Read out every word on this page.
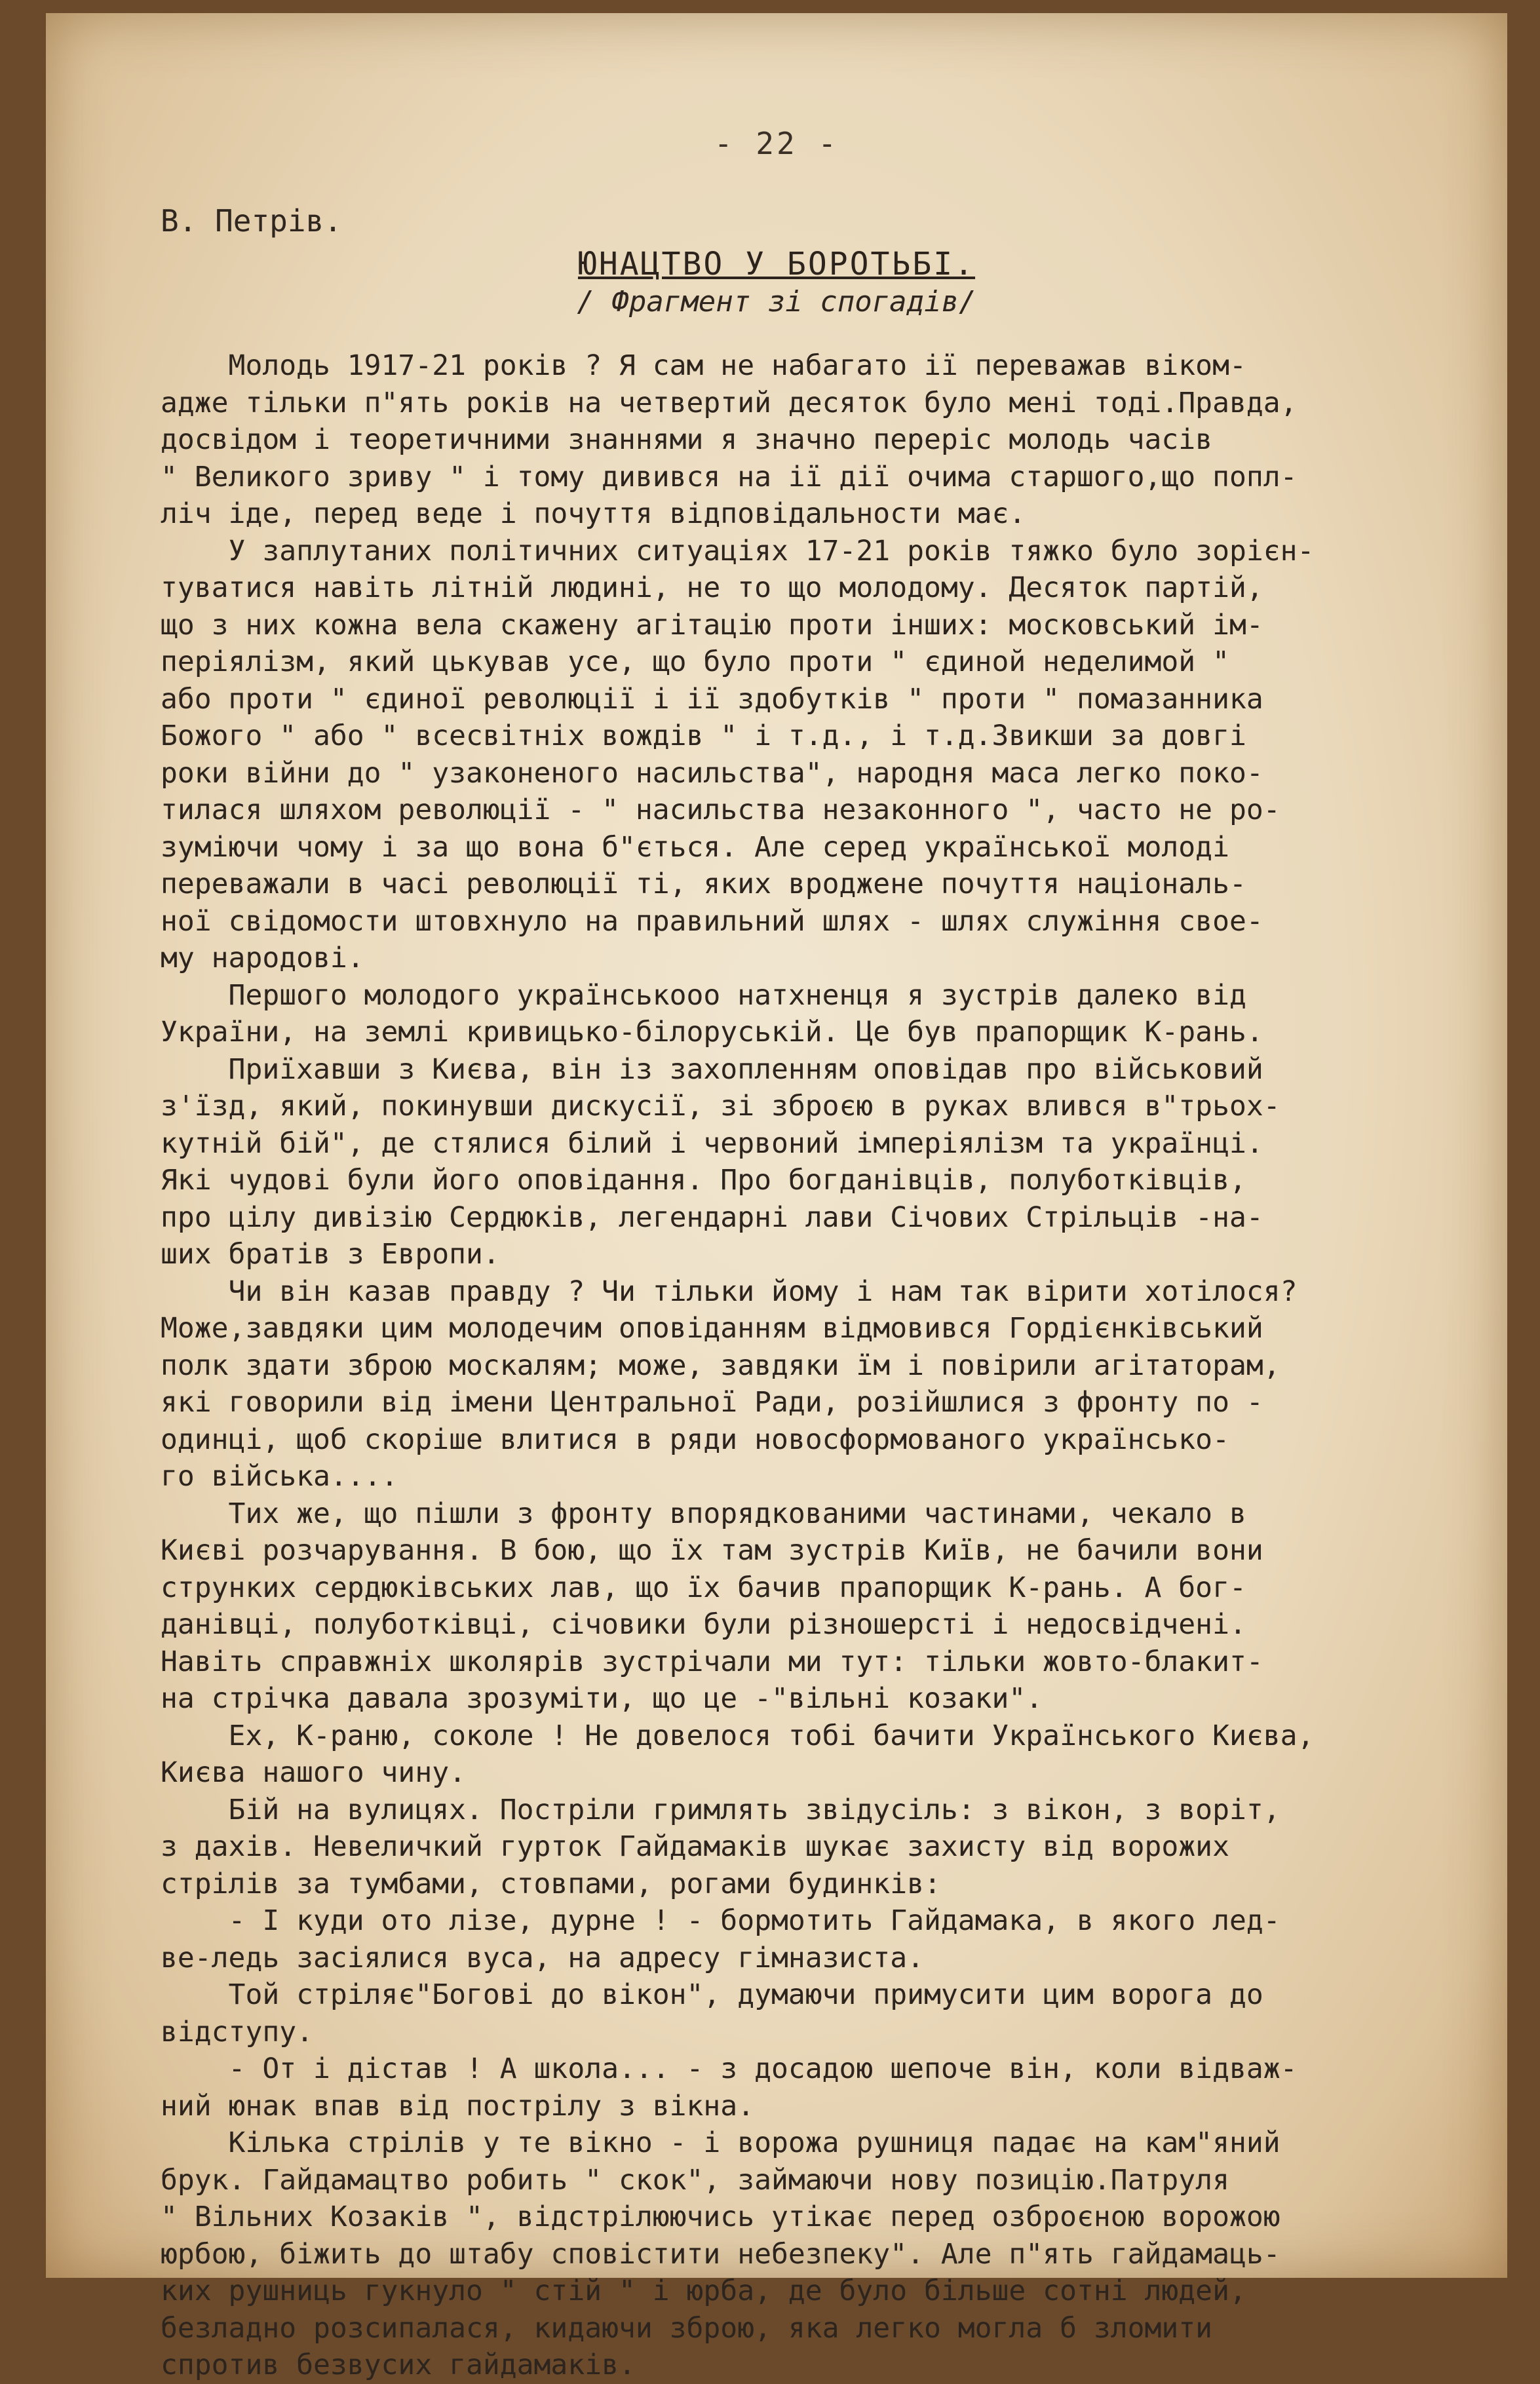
- 22 -
В. Петрів.
ЮНАЦТВО У БОРОТЬБІ.
/ Фрагмент зі спогадів/
Молодь 1917-21 років ? Я сам не набагато ії переважав віком-
адже тільки п"ять років на четвертий десяток було мені тоді.Правда,
досвідом і теоретичними знаннями я значно переріс молодь часів
" Великого зриву " і тому дивився на ії дії очима старшого,що попл-
ліч іде, перед веде і почуття відповідальности має.
У заплутаних політичних ситуаціях 17-21 років тяжко було зорієн-
туватися навіть літній людині, не то що молодому. Десяток партій,
що з них кожна вела скажену агітацію проти інших: московський ім-
періялізм, який цькував усе, що було проти " єдиной неделимой "
або проти " єдиної революції і ії здобутків " проти " помазанника
Божого " або " всесвітніх вождів " і т.д., і т.д.Звикши за довгі
роки війни до " узаконеного насильства", народня маса легко поко-
тилася шляхом революції - " насильства незаконного ", часто не ро-
зуміючи чому і за що вона б"ється. Але серед української молоді
переважали в часі революції ті, яких вроджене почуття національ-
ної свідомости штовхнуло на правильний шлях - шлях служіння свое-
му народові.
Першого молодого українськооо натхненця я зустрів далеко від
України, на землі кривицько-білоруській. Це був прапорщик К-рань.
Приїхавши з Києва, він із захопленням оповідав про військовий
з'їзд, який, покинувши дискусії, зі зброєю в руках влився в"трьох-
кутній бій", де стялися білий і червоний імперіялізм та українці.
Які чудові були його оповідання. Про богданівців, полуботківців,
про цілу дивізію Сердюків, легендарні лави Січових Стрільців -на-
ших братів з Европи.
Чи він казав правду ? Чи тільки йому і нам так вірити хотілося?
Може,завдяки цим молодечим оповіданням відмовився Гордієнківський
полк здати зброю москалям; може, завдяки їм і повірили агітаторам,
які говорили від імени Центральної Ради, розійшлися з фронту по -
одинці, щоб скоріше влитися в ряди новосформованого українсько-
го війська....
Тих же, що пішли з фронту впорядкованими частинами, чекало в
Києві розчарування. В бою, що їх там зустрів Київ, не бачили вони
струнких сердюківських лав, що їх бачив прапорщик К-рань. А бог-
данівці, полуботківці, січовики були різношерсті і недосвідчені.
Навіть справжніх школярів зустрічали ми тут: тільки жовто-блакит-
на стрічка давала зрозуміти, що це -"вільні козаки".
Ех, К-раню, соколе ! Не довелося тобі бачити Українського Києва,
Києва нашого чину.
Бій на вулицях. Постріли гримлять звідусіль: з вікон, з воріт,
з дахів. Невеличкий гурток Гайдамаків шукає захисту від ворожих
стрілів за тумбами, стовпами, рогами будинків:
- І куди ото лізе, дурне ! - бормотить Гайдамака, в якого лед-
ве-ледь засіялися вуса, на адресу гімназиста.
Той стріляє"Богові до вікон", думаючи примусити цим ворога до
відступу.
- От і дістав ! А школа... - з досадою шепоче він, коли відваж-
ний юнак впав від пострілу з вікна.
Кілька стрілів у те вікно - і ворожа рушниця падає на кам"яний
брук. Гайдамацтво робить " скок", займаючи нову позицію.Патруля
" Вільних Козаків ", відстрілюючись утікає перед озброєною ворожою
юрбою, біжить до штабу сповістити небезпеку". Але п"ять гайдамаць-
ких рушниць гукнуло " стій " і юрба, де було більше сотні людей,
безладно розсипалася, кидаючи зброю, яка легко могла б зломити
спротив безвусих гайдамаків.
